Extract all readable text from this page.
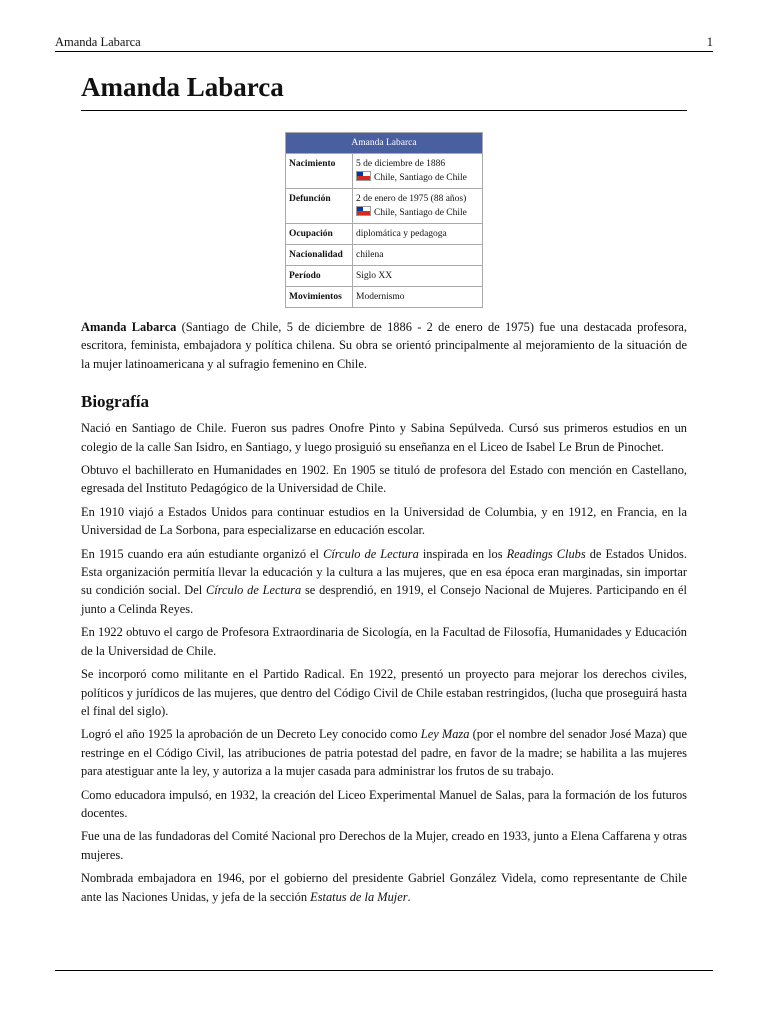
Amanda Labarca	1
Amanda Labarca
Amanda Labarca	
Nacimiento	5 de diciembre de 1886
Chile, Santiago de Chile

Defunción	2 de enero de 1975 (88 años)
Chile, Santiago de Chile

Ocupación	diplomática y pedagoga
Nacionalidad	chilena
Período	Siglo XX
Movimientos	Modernismo

Amanda Labarca (Santiago de Chile, 5 de diciembre de 1886 - 2 de enero de 1975) fue una destacada profesora, escritora, feminista, embajadora y política chilena. Su obra se orientó principalmente al mejoramiento de la situación de la mujer latinoamericana y al sufragio femenino en Chile.

Biografía

Nació en Santiago de Chile. Fueron sus padres Onofre Pinto y Sabina Sepúlveda. Cursó sus primeros estudios en un colegio de la calle San Isidro, en Santiago, y luego prosiguió su enseñanza en el Liceo de Isabel Le Brun de Pinochet.

Obtuvo el bachillerato en Humanidades en 1902. En 1905 se tituló de profesora del Estado con mención en Castellano, egresada del Instituto Pedagógico de la Universidad de Chile.

En 1910 viajó a Estados Unidos para continuar estudios en la Universidad de Columbia, y en 1912, en Francia, en la Universidad de La Sorbona, para especializarse en educación escolar.

En 1915 cuando era aún estudiante organizó el Círculo de Lectura inspirada en los Readings Clubs de Estados Unidos. Esta organización permitía llevar la educación y la cultura a las mujeres, que en esa época eran marginadas, sin importar su condición social. Del Círculo de Lectura se desprendió, en 1919, el Consejo Nacional de Mujeres. Participando en él junto a Celinda Reyes.

En 1922 obtuvo el cargo de Profesora Extraordinaria de Sicología, en la Facultad de Filosofía, Humanidades y Educación de la Universidad de Chile.

Se incorporó como militante en el Partido Radical. En 1922, presentó un proyecto para mejorar los derechos civiles, políticos y jurídicos de las mujeres, que dentro del Código Civil de Chile estaban restringidos, (lucha que proseguirá hasta el final del siglo).

Logró el año 1925 la aprobación de un Decreto Ley conocido como Ley Maza (por el nombre del senador José Maza) que restringe en el Código Civil, las atribuciones de patria potestad del padre, en favor de la madre; se habilita a las mujeres para atestiguar ante la ley, y autoriza a la mujer casada para administrar los frutos de su trabajo.

Como educadora impulsó, en 1932, la creación del Liceo Experimental Manuel de Salas, para la formación de los futuros docentes.

Fue una de las fundadoras del Comité Nacional pro Derechos de la Mujer, creado en 1933, junto a Elena Caffarena y otras mujeres.

Nombrada embajadora en 1946, por el gobierno del presidente Gabriel González Videla, como representante de Chile ante las Naciones Unidas, y jefa de la sección Estatus de la Mujer.
